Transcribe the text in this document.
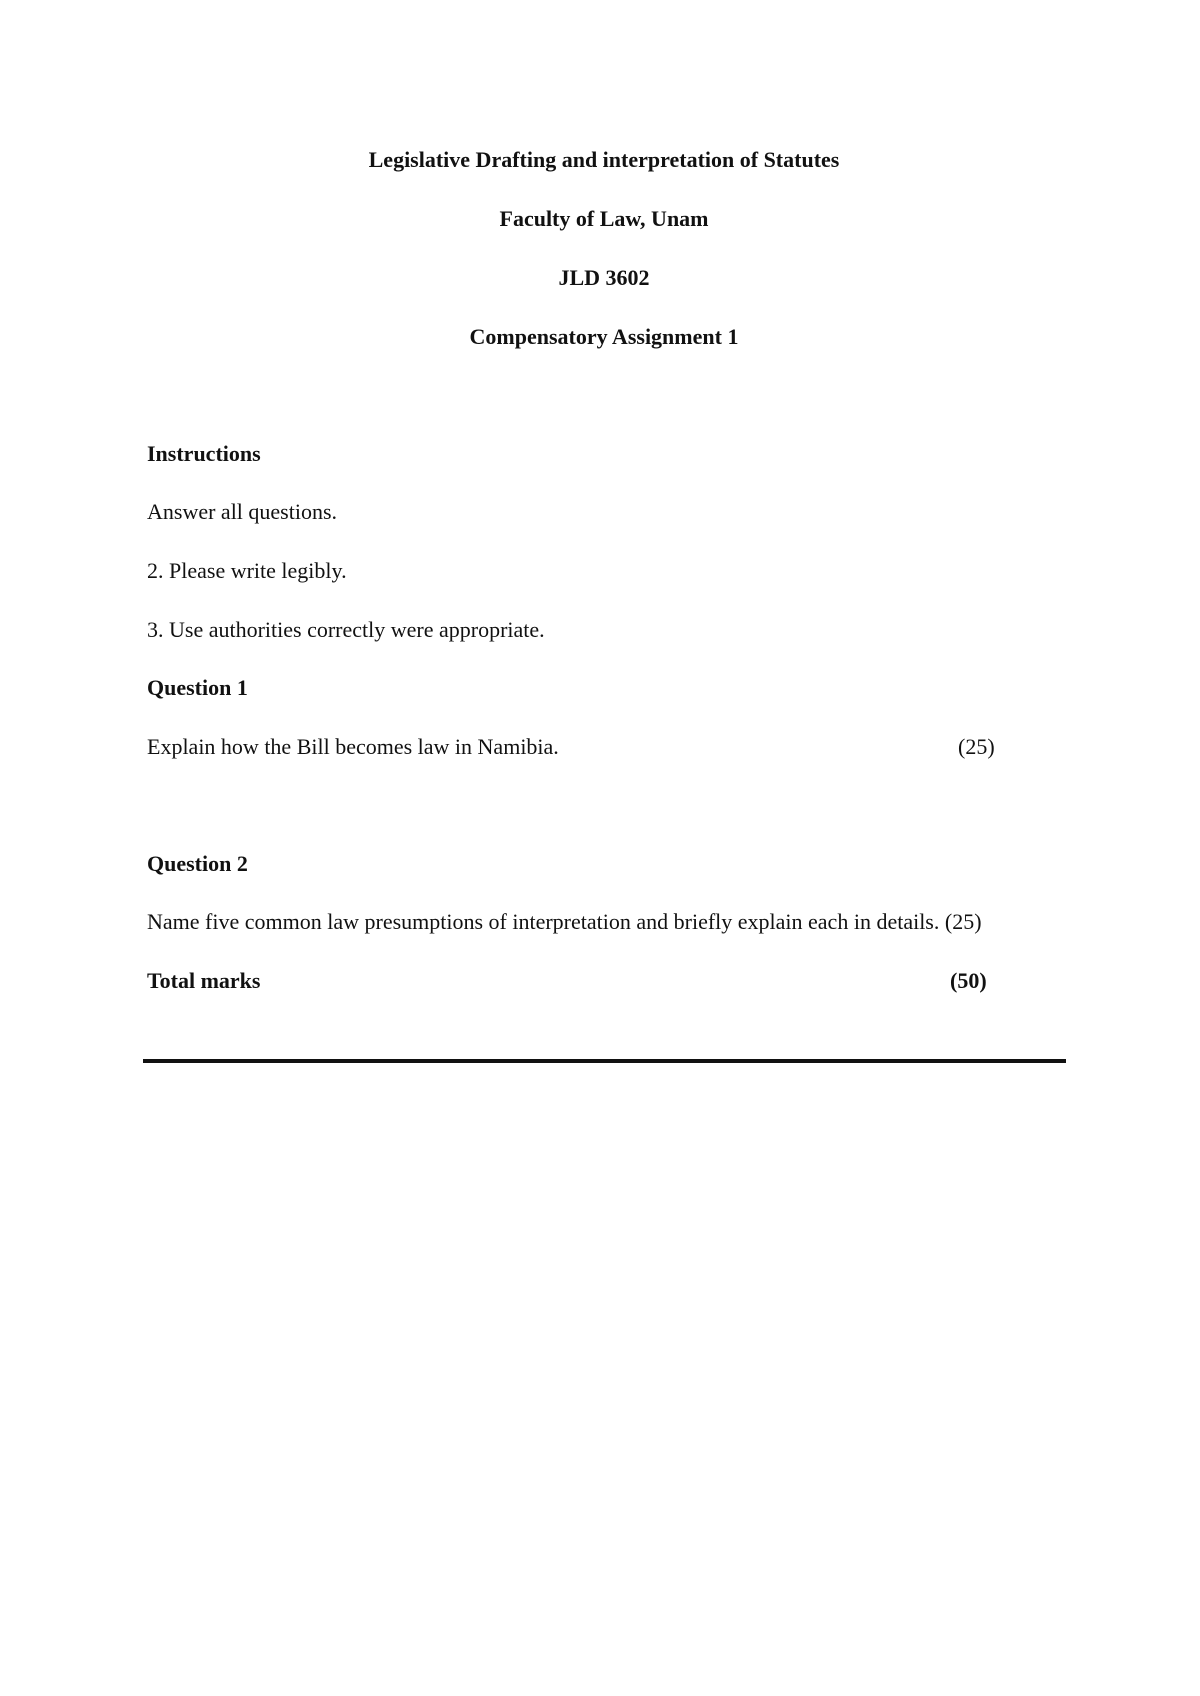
Legislative Drafting and interpretation of Statutes
Faculty of Law, Unam
JLD 3602
Compensatory Assignment 1
Instructions
Answer all questions.
2. Please write legibly.
3. Use authorities correctly were appropriate.
Question 1
Explain how the Bill becomes law in Namibia.	(25)
Question 2
Name five common law presumptions of interpretation and briefly explain each in details. (25)
Total marks	(50)
